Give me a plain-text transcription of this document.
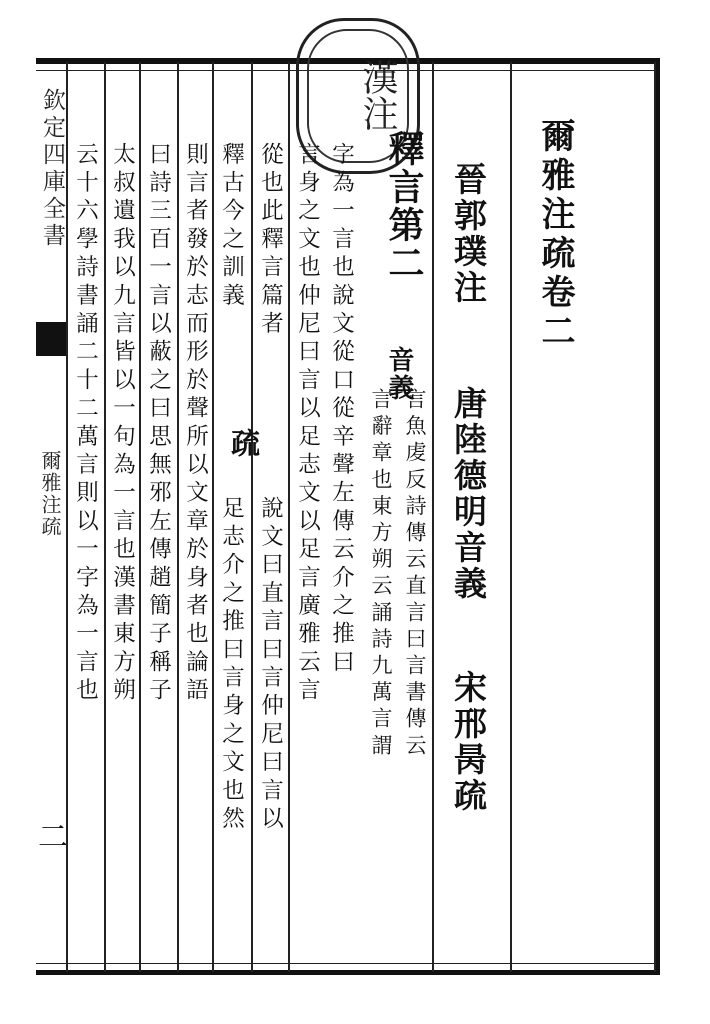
漢注
欽定四庫全書
爾雅注疏
二
爾雅注疏卷二
晉郭璞注
唐陸德明音義
宋邢昺疏
釋言第二
音義
言魚䖍反詩傳云直言曰言書傳云
言辭章也東方朔云誦詩九萬言謂
字為一言也說文從口從辛聲左傳云介之推曰
言身之文也仲尼曰言以足志文以足言廣雅云言
從也此釋言篇者
說文曰直言曰言仲尼曰言以
釋古今之訓義
疏
足志介之推曰言身之文也然
則言者發於志而形於聲所以文章於身者也論語
曰詩三百一言以蔽之曰思無邪左傳趙簡子稱子
太叔遺我以九言皆以一句為一言也漢書東方朔
云十六學詩書誦二十二萬言則以一字為一言也
